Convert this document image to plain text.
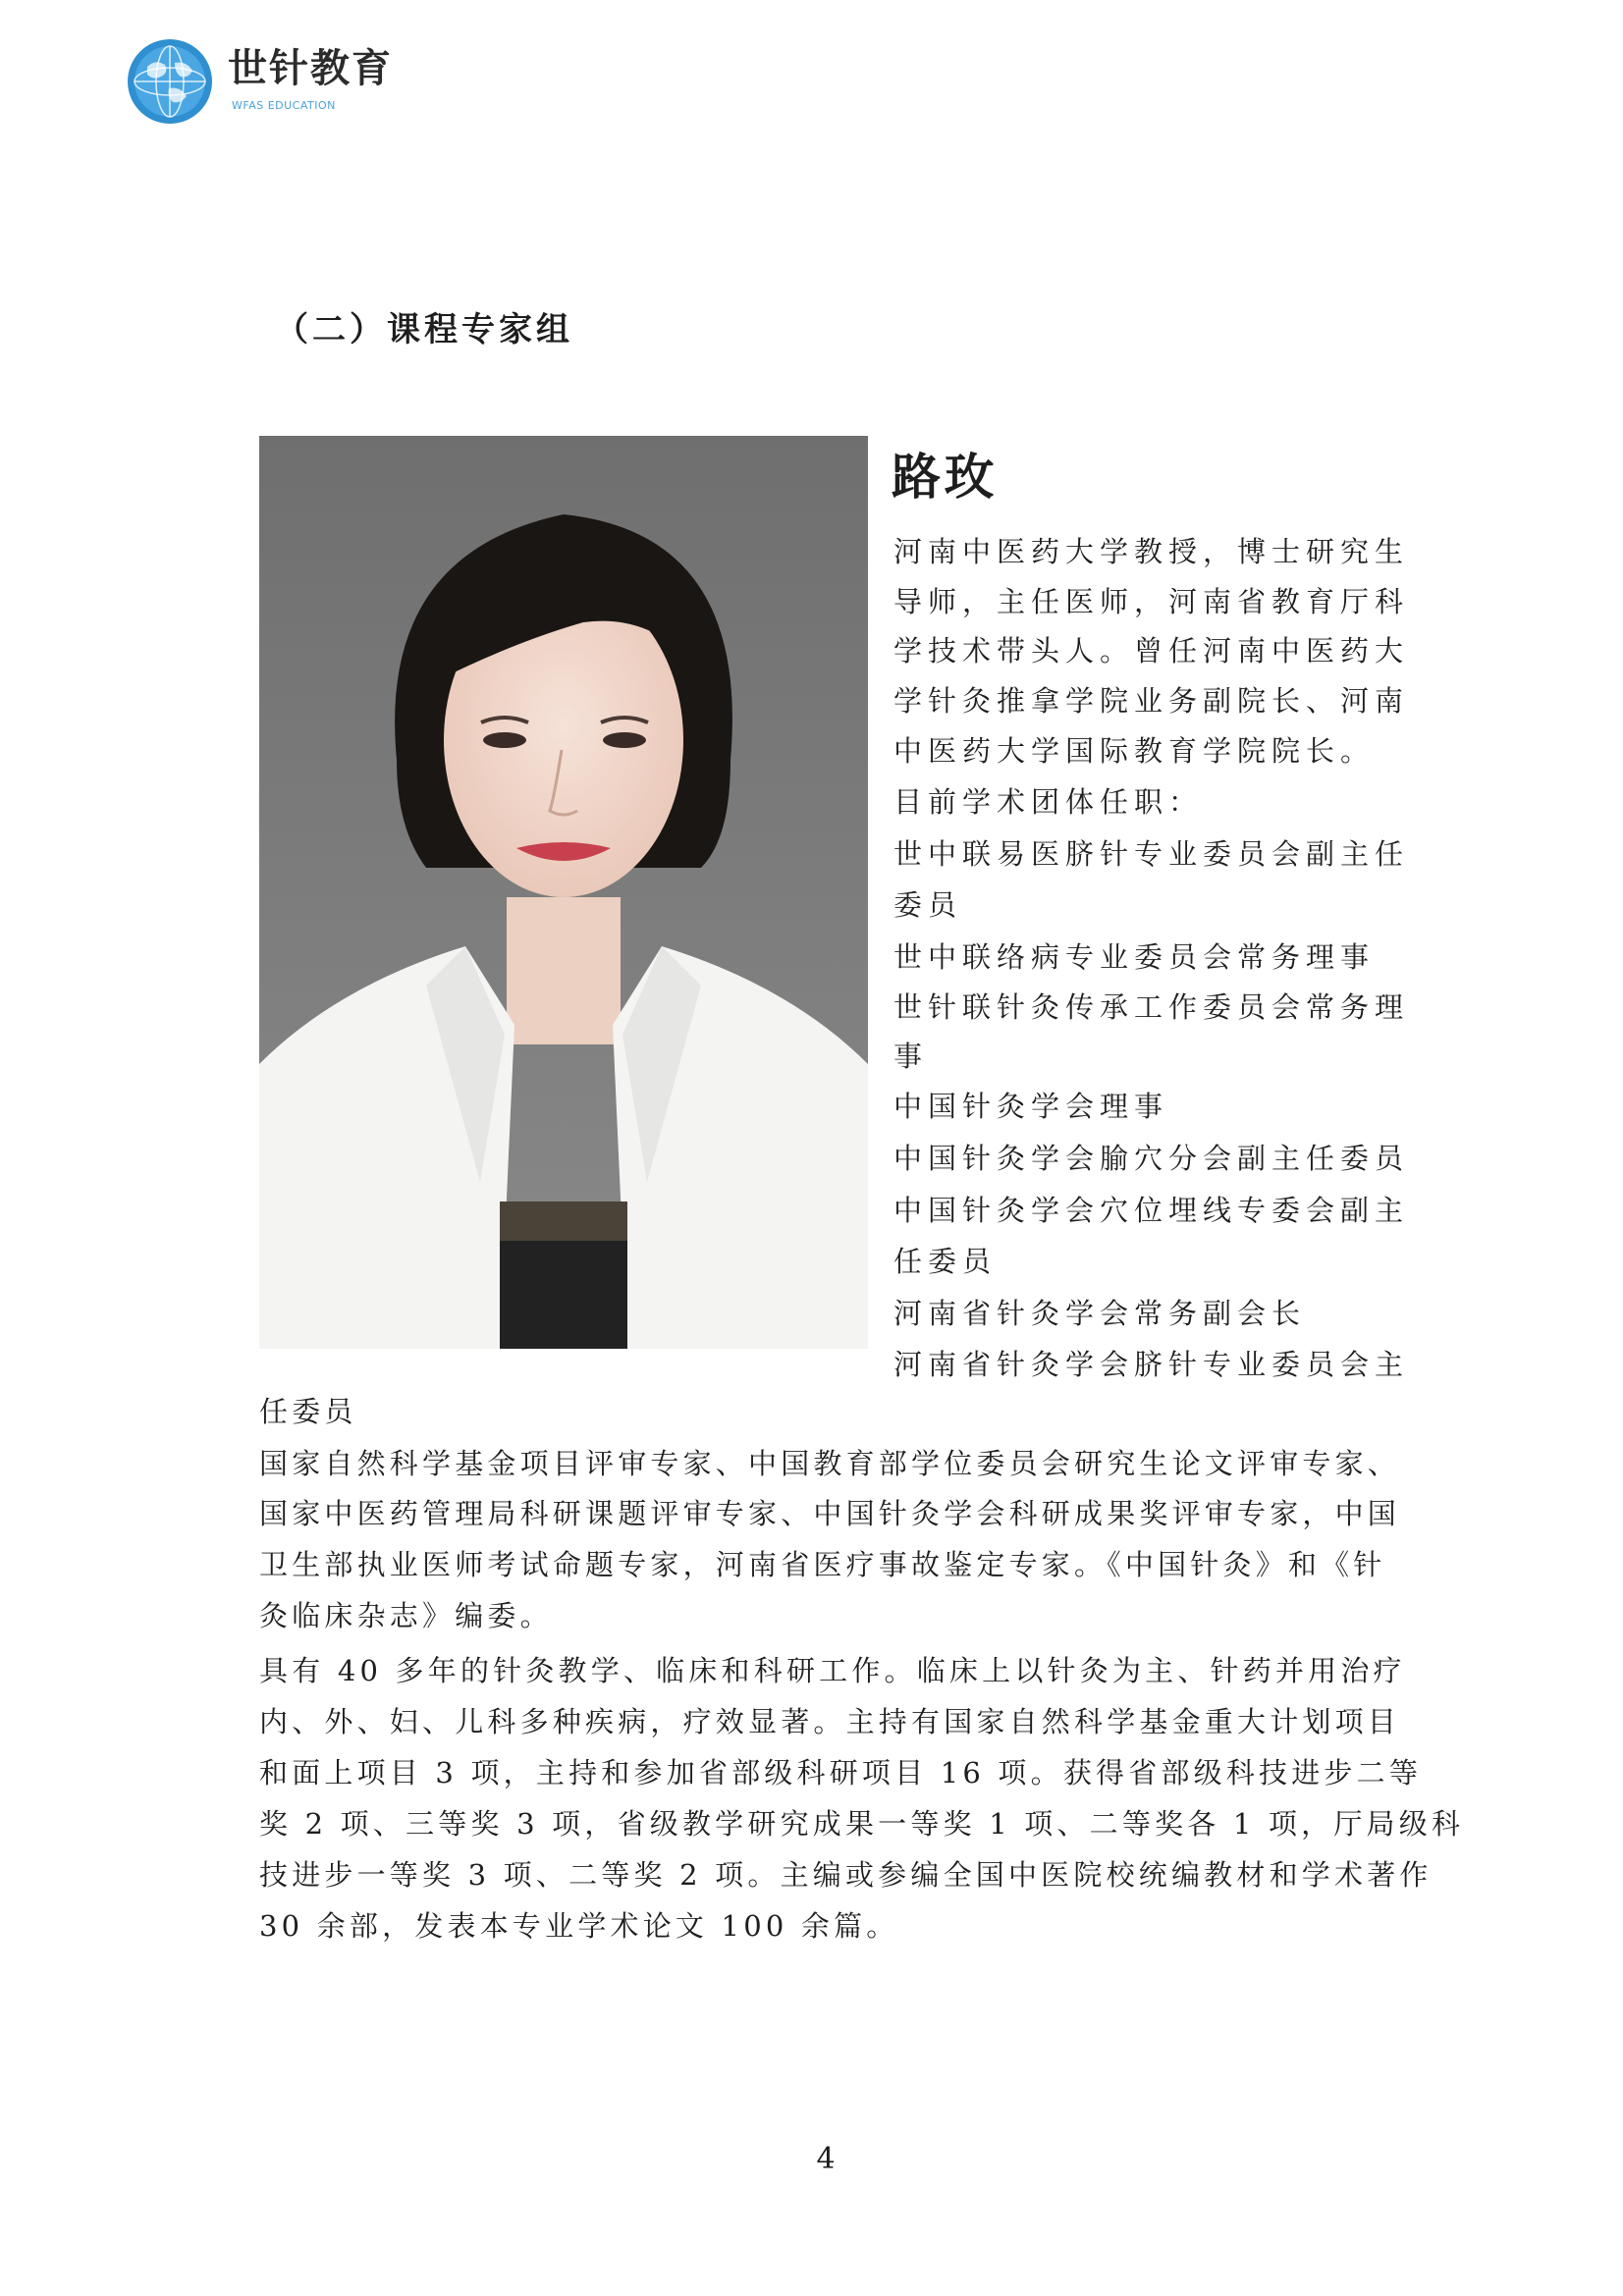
世针教育
WFAS EDUCATION
（二）课程专家组
路玫
河南中医药大学教授，博士研究生
导师，主任医师，河南省教育厅科
学技术带头人。曾任河南中医药大
学针灸推拿学院业务副院长、河南
中医药大学国际教育学院院长。
目前学术团体任职：
世中联易医脐针专业委员会副主任
委员
世中联络病专业委员会常务理事
世针联针灸传承工作委员会常务理
事
中国针灸学会理事
中国针灸学会腧穴分会副主任委员
中国针灸学会穴位埋线专委会副主
任委员
河南省针灸学会常务副会长
河南省针灸学会脐针专业委员会主
任委员
国家自然科学基金项目评审专家、中国教育部学位委员会研究生论文评审专家、
国家中医药管理局科研课题评审专家、中国针灸学会科研成果奖评审专家，中国
卫生部执业医师考试命题专家，河南省医疗事故鉴定专家。《中国针灸》和《针
灸临床杂志》编委。
具有 40 多年的针灸教学、临床和科研工作。临床上以针灸为主、针药并用治疗
内、外、妇、儿科多种疾病，疗效显著。主持有国家自然科学基金重大计划项目
和面上项目 3 项，主持和参加省部级科研项目 16 项。获得省部级科技进步二等
奖 2 项、三等奖 3 项，省级教学研究成果一等奖 1 项、二等奖各 1 项，厅局级科
技进步一等奖 3 项、二等奖 2 项。主编或参编全国中医院校统编教材和学术著作
30 余部，发表本专业学术论文 100 余篇。
4
